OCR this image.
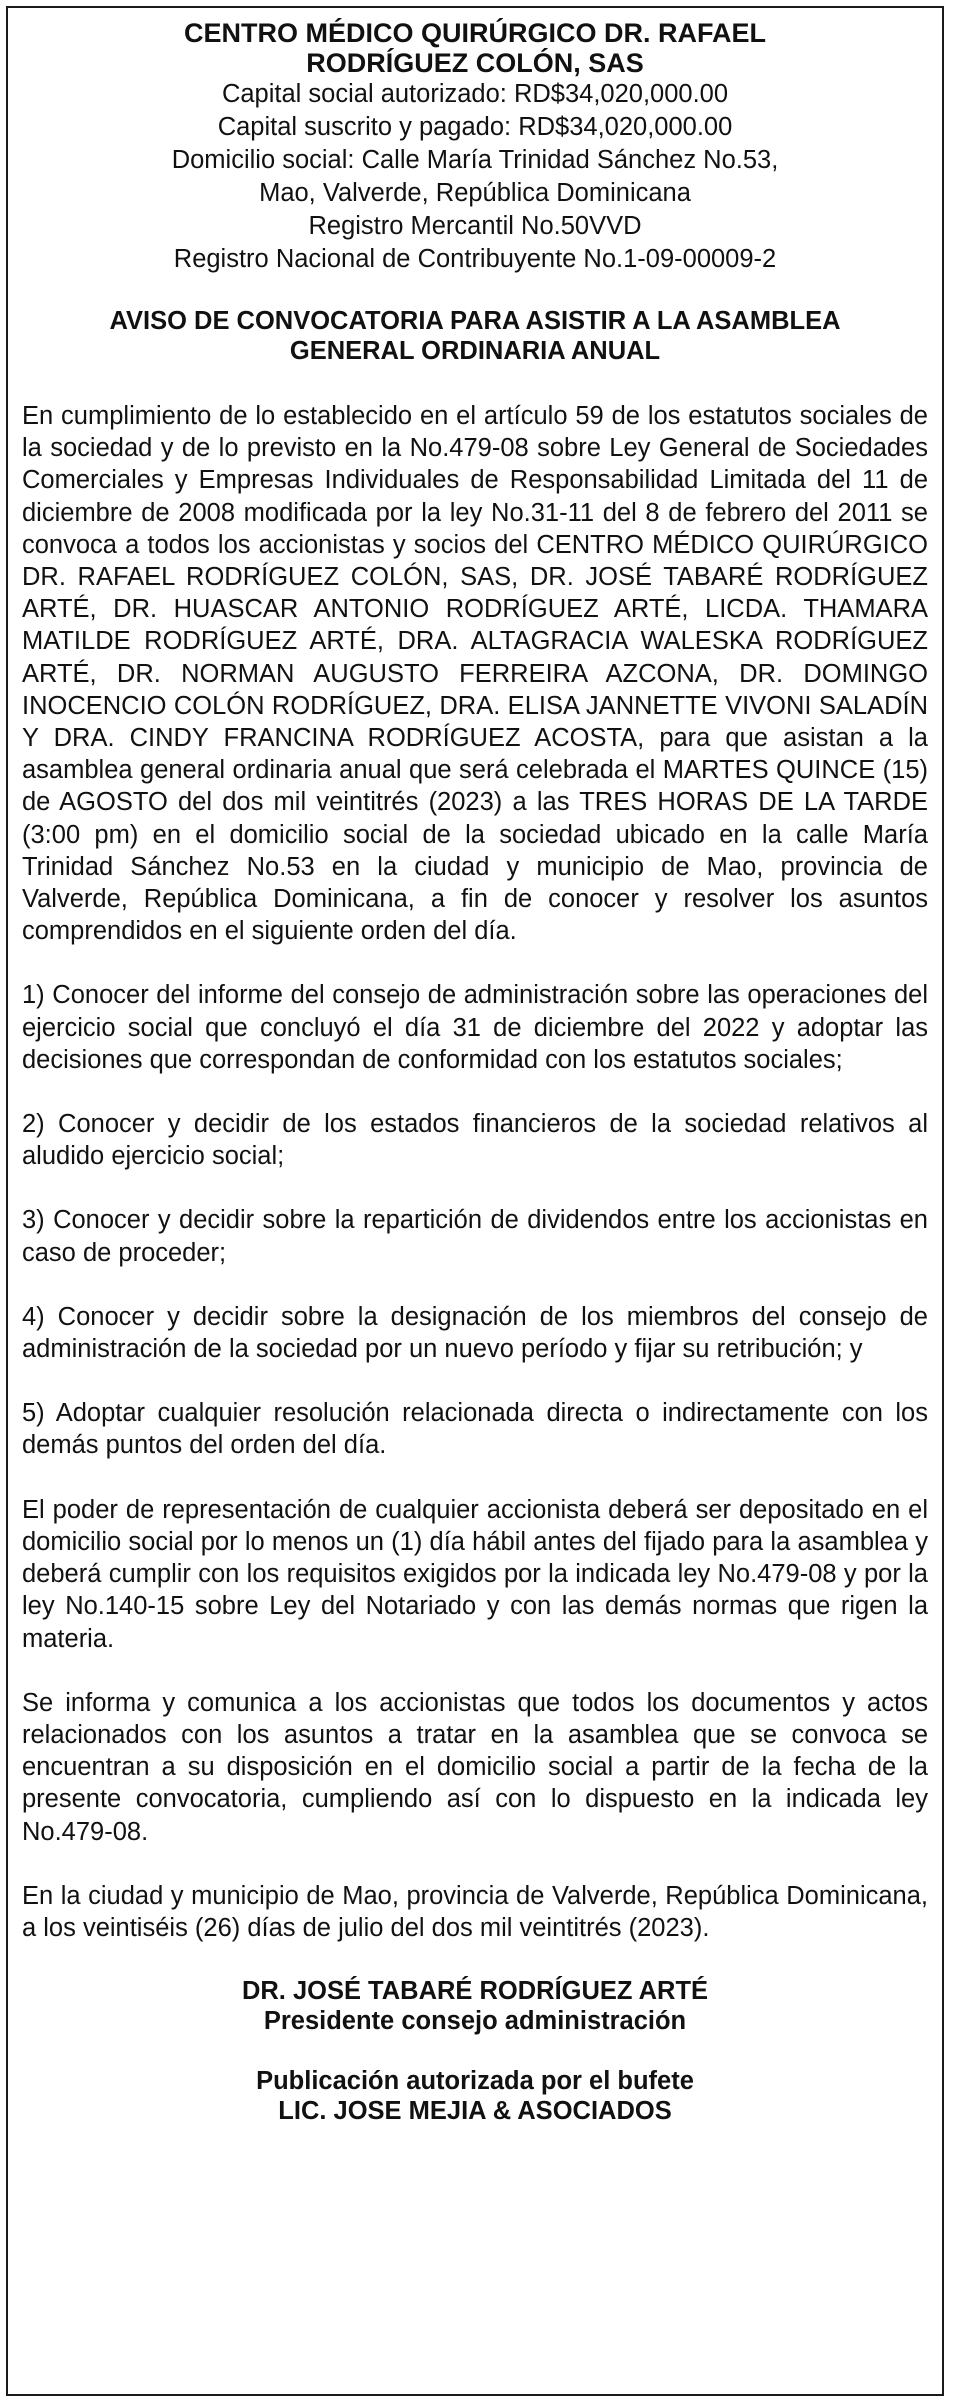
CENTRO MÉDICO QUIRÚRGICO DR. RAFAEL

RODRÍGUEZ COLÓN, SAS

Capital social autorizado: RD$34,020,000.00

Capital suscrito y pagado: RD$34,020,000.00

Domicilio social: Calle María Trinidad Sánchez No.53,

Mao, Valverde, República Dominicana

Registro Mercantil No.50VVD

Registro Nacional de Contribuyente No.1-09-00009-2

AVISO DE CONVOCATORIA PARA ASISTIR A LA ASAMBLEA
GENERAL ORDINARIA ANUAL

En cumplimiento de lo establecido en el artículo 59 de los estatutos sociales de la sociedad y de lo previsto en la No.479-08 sobre Ley General de Sociedades Comerciales y Empresas Individuales de Responsabilidad Limitada del 11 de diciembre de 2008 modificada por la ley No.31-11 del 8 de febrero del 2011 se convoca a todos los accionistas y socios del CENTRO MÉDICO QUIRÚRGICO DR. RAFAEL RODRÍGUEZ COLÓN, SAS, DR. JOSÉ TABARÉ RODRÍGUEZ ARTÉ, DR. HUASCAR ANTONIO RODRÍGUEZ ARTÉ, LICDA. THAMARA MATILDE RODRÍGUEZ ARTÉ, DRA. ALTAGRACIA WALESKA RODRÍGUEZ ARTÉ, DR. NORMAN AUGUSTO FERREIRA AZCONA, DR. DOMINGO INOCENCIO COLÓN RODRÍGUEZ, DRA. ELISA JANNETTE VIVONI SALADÍN Y DRA. CINDY FRANCINA RODRÍGUEZ ACOSTA, para que asistan a la asamblea general ordinaria anual que será celebrada el MARTES QUINCE (15) de AGOSTO del dos mil veintitrés (2023) a las TRES HORAS DE LA TARDE (3:00 pm) en el domicilio social de la sociedad ubicado en la calle María Trinidad Sánchez No.53 en la ciudad y municipio de Mao, provincia de Valverde, República Dominicana, a fin de conocer y resolver los asuntos comprendidos en el siguiente orden del día.

1) Conocer del informe del consejo de administración sobre las operaciones del ejercicio social que concluyó el día 31 de diciembre del 2022 y adoptar las decisiones que correspondan de conformidad con los estatutos sociales;

2) Conocer y decidir de los estados financieros de la sociedad relativos al aludido ejercicio social;

3) Conocer y decidir sobre la repartición de dividendos entre los accionistas en caso de proceder;

4) Conocer y decidir sobre la designación de los miembros del consejo de administración de la sociedad por un nuevo período y fijar su retribución; y

5) Adoptar cualquier resolución relacionada directa o indirectamente con los demás puntos del orden del día.

El poder de representación de cualquier accionista deberá ser depositado en el domicilio social por lo menos un (1) día hábil antes del fijado para la asamblea y deberá cumplir con los requisitos exigidos por la indicada ley No.479-08 y por la ley No.140-15 sobre Ley del Notariado y con las demás normas que rigen la materia.

Se informa y comunica a los accionistas que todos los documentos y actos relacionados con los asuntos a tratar en la asamblea que se convoca se encuentran a su disposición en el domicilio social a partir de la fecha de la presente convocatoria, cumpliendo así con lo dispuesto en la indicada ley No.479-08.

En la ciudad y municipio de Mao, provincia de Valverde, República Dominicana, a los veintiséis (26) días de julio del dos mil veintitrés (2023).

DR. JOSÉ TABARÉ RODRÍGUEZ ARTÉ

Presidente consejo administración

Publicación autorizada por el bufete

LIC. JOSE MEJIA & ASOCIADOS
